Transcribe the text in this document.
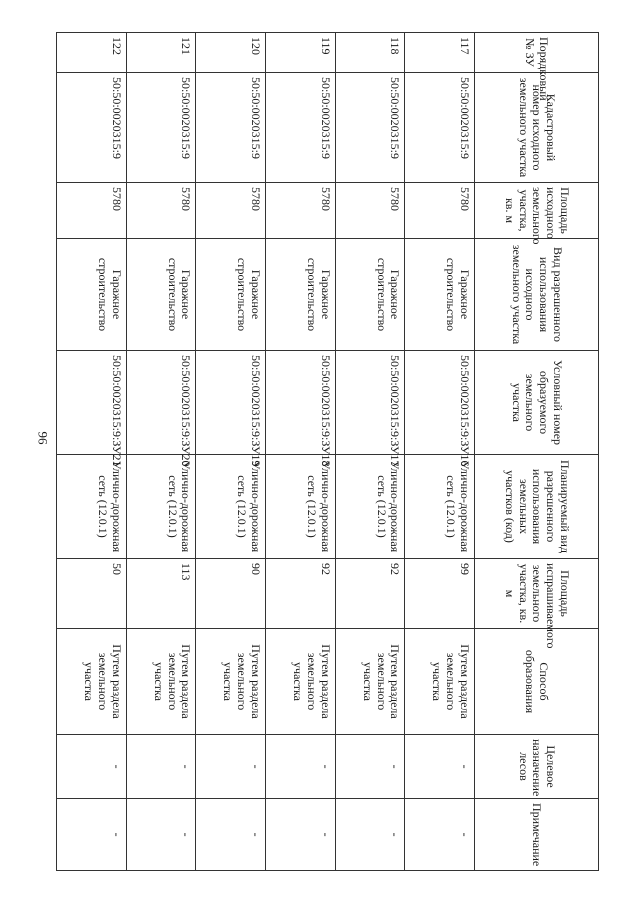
96
Порядковый № ЗУ	Кадастровый номер исходного земельного участка	Площадь исходного земельного участка, кв. м	Вид разрешенного использования исходного земельного участка	Условный номер образуемого земельного участка	Планируемый вид разрешенного использования земельных участков (код)	Площадь испрашиваемого земельного участка, кв. м	Способ образования	Целевое назначение лесов	Примечание
117	50:50:0020315:9	5780	Гаражное строительство	50:50:0020315:9:ЗУ16	Улично-дорожная сеть (12.0.1)	99	Путем раздела земельного участка	-	-
118	50:50:0020315:9	5780	Гаражное строительство	50:50:0020315:9:ЗУ17	Улично-дорожная сеть (12.0.1)	92	Путем раздела земельного участка	-	-
119	50:50:0020315:9	5780	Гаражное строительство	50:50:0020315:9:ЗУ18	Улично-дорожная сеть (12.0.1)	92	Путем раздела земельного участка	-	-
120	50:50:0020315:9	5780	Гаражное строительство	50:50:0020315:9:ЗУ19	Улично-дорожная сеть (12.0.1)	90	Путем раздела земельного участка	-	-
121	50:50:0020315:9	5780	Гаражное строительство	50:50:0020315:9:ЗУ20	Улично-дорожная сеть (12.0.1)	113	Путем раздела земельного участка	-	-
122	50:50:0020315:9	5780	Гаражное строительство	50:50:0020315:9:ЗУ21	Улично-дорожная сеть (12.0.1)	50	Путем раздела земельного участка	-	-
